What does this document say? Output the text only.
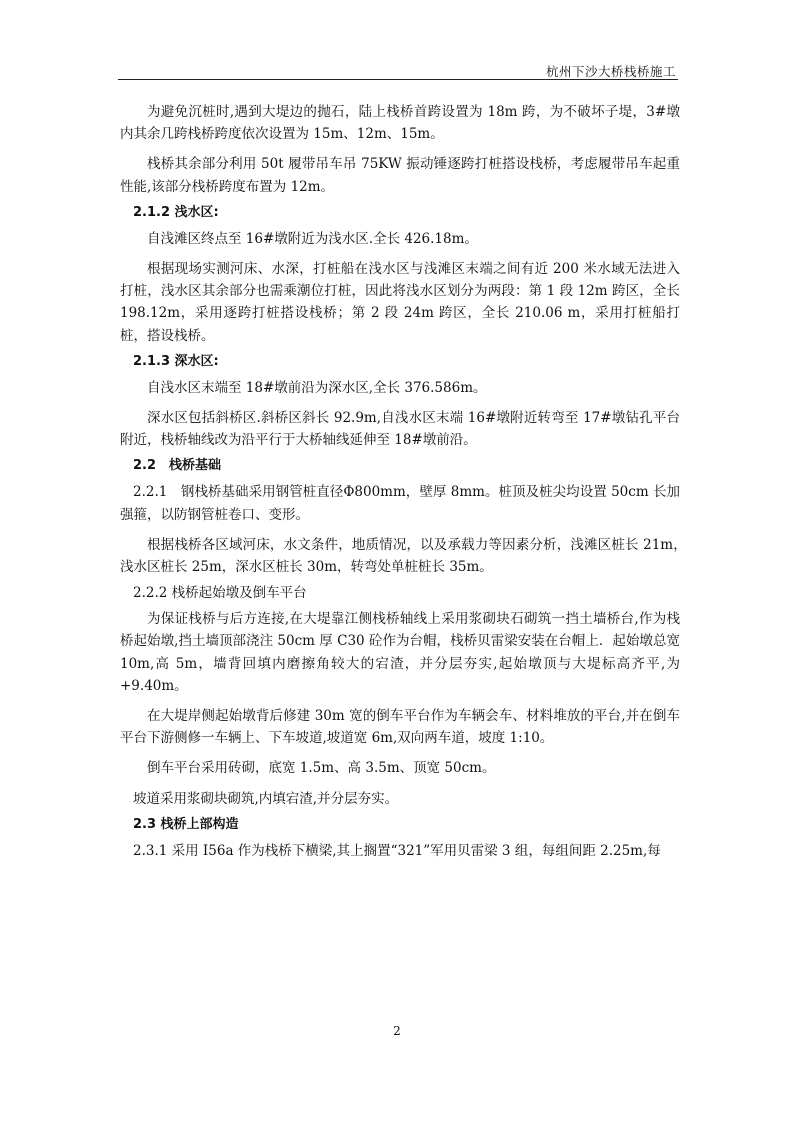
杭州下沙大桥栈桥施工

为避免沉桩时,遇到大堤边的抛石，陆上栈桥首跨设置为 18m 跨，为不破坏子堤，3#墩内其余几跨栈桥跨度依次设置为 15m、12m、15m。

栈桥其余部分利用 50t 履带吊车吊 75KW 振动锤逐跨打桩搭设栈桥，考虑履带吊车起重性能,该部分栈桥跨度布置为 12m。

2.1.2 浅水区:

自浅滩区终点至 16#墩附近为浅水区.全长 426.18m。

根据现场实测河床、水深，打桩船在浅水区与浅滩区末端之间有近 200 米水域无法进入打桩，浅水区其余部分也需乘潮位打桩，因此将浅水区划分为两段：第 1 段 12m 跨区，全长 198.12m，采用逐跨打桩搭设栈桥；第 2 段 24m 跨区，全长 210.06 m，采用打桩船打桩，搭设栈桥。

2.1.3 深水区:

自浅水区末端至 18#墩前沿为深水区,全长 376.586m。

深水区包括斜桥区.斜桥区斜长 92.9m,自浅水区末端 16#墩附近转弯至 17#墩钻孔平台附近，栈桥轴线改为沿平行于大桥轴线延伸至 18#墩前沿。

2.2　栈桥基础

2.2.1　钢栈桥基础采用钢管桩直径Φ800mm，壁厚 8mm。桩顶及桩尖均设置 50cm 长加强箍，以防钢管桩卷口、变形。

根据栈桥各区域河床，水文条件，地质情况，以及承载力等因素分析，浅滩区桩长 21m，　浅水区桩长 25m，深水区桩长 30m，转弯处单桩桩长 35m。

2.2.2 栈桥起始墩及倒车平台

为保证栈桥与后方连接,在大堤靠江侧栈桥轴线上采用浆砌块石砌筑一挡土墙桥台,作为栈桥起始墩,挡土墙顶部浇注 50cm 厚 C30 砼作为台帽，栈桥贝雷梁安装在台帽上．起始墩总宽 10m,高 5m，墙背回填内磨擦角较大的宕渣，并分层夯实,起始墩顶与大堤标高齐平,为+9.40m。

在大堤岸侧起始墩背后修建 30m 宽的倒车平台作为车辆会车、材料堆放的平台,并在倒车平台下游侧修一车辆上、下车坡道,坡道宽 6m,双向两车道，坡度 1:10。

倒车平台采用砖砌，底宽 1.5m、高 3.5m、顶宽 50cm。

坡道采用浆砌块砌筑,内填宕渣,并分层夯实。

2.3 栈桥上部构造

2.3.1 采用 I56a 作为栈桥下横梁,其上搁置“321”军用贝雷梁 3 组，每组间距 2.25m,每

2
